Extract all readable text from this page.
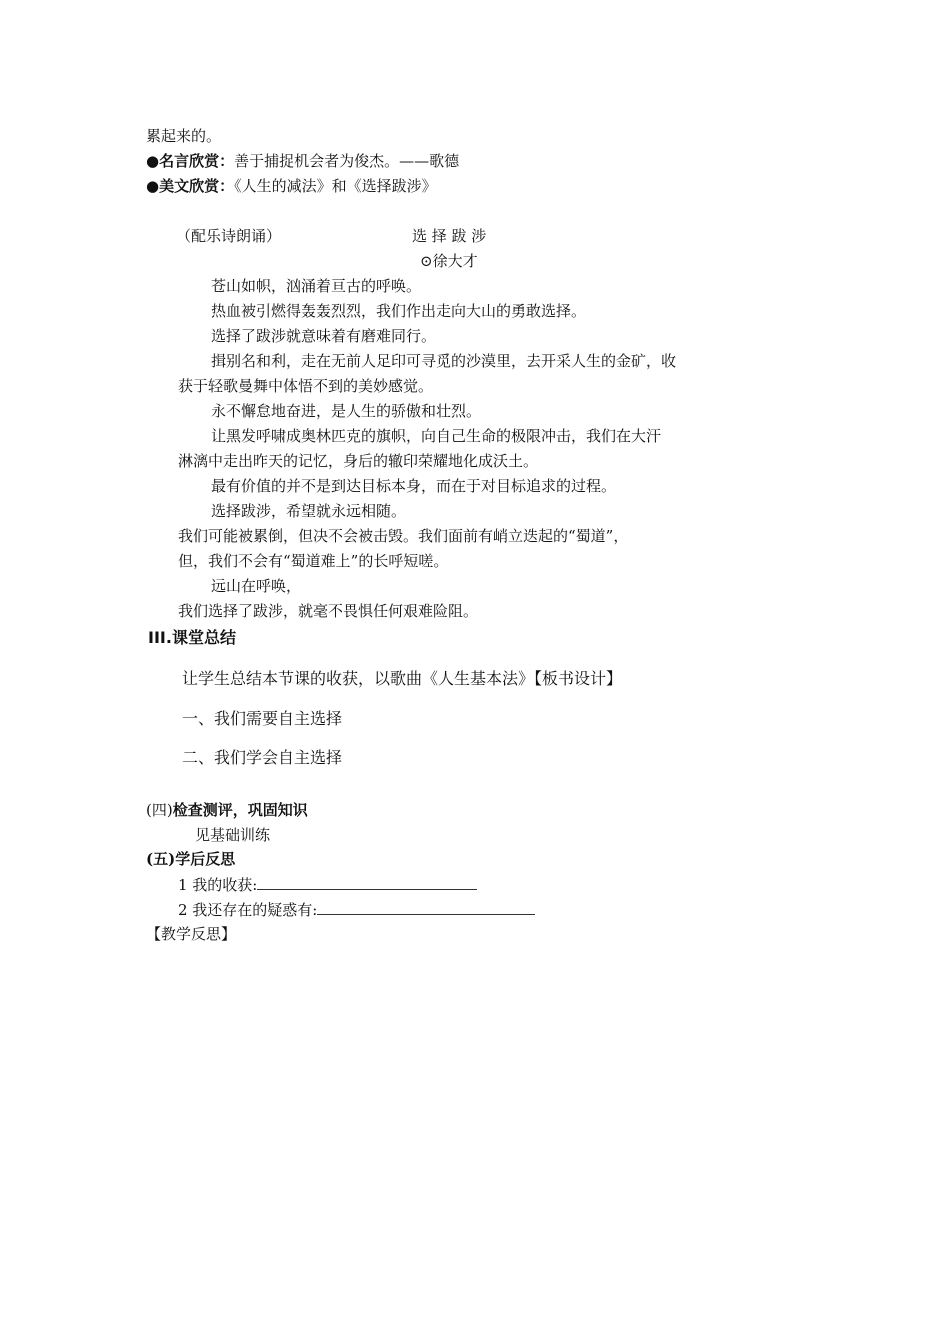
累起来的。
●名言欣赏：善于捕捉机会者为俊杰。——歌德
●美文欣赏：《人生的减法》和《选择跋涉》
（配乐诗朗诵）	选 择 跋 涉
⊙徐大才
苍山如帜，汹涌着亘古的呼唤。
热血被引燃得轰轰烈烈，我们作出走向大山的勇敢选择。
选择了跋涉就意味着有磨难同行。
揖别名和利，走在无前人足印可寻觅的沙漠里，去开采人生的金矿，收
获于轻歌曼舞中体悟不到的美妙感觉。
永不懈怠地奋进，是人生的骄傲和壮烈。
让黑发呼啸成奥林匹克的旗帜，向自己生命的极限冲击，我们在大汗
淋漓中走出昨天的记忆，身后的辙印荣耀地化成沃土。
最有价值的并不是到达目标本身，而在于对目标追求的过程。
选择跋涉，希望就永远相随。
我们可能被累倒，但决不会被击毁。我们面前有峭立迭起的“蜀道”，
但，我们不会有“蜀道难上”的长呼短嗟。
远山在呼唤，
我们选择了跋涉，就毫不畏惧任何艰难险阻。
III.课堂总结
让学生总结本节课的收获，以歌曲《人生基本法》【板书设计】
一、我们需要自主选择
二、我们学会自主选择
(四)检查测评，巩固知识
见基础训练
(五)学后反思
1 我的收获:
2 我还存在的疑惑有:
【教学反思】
